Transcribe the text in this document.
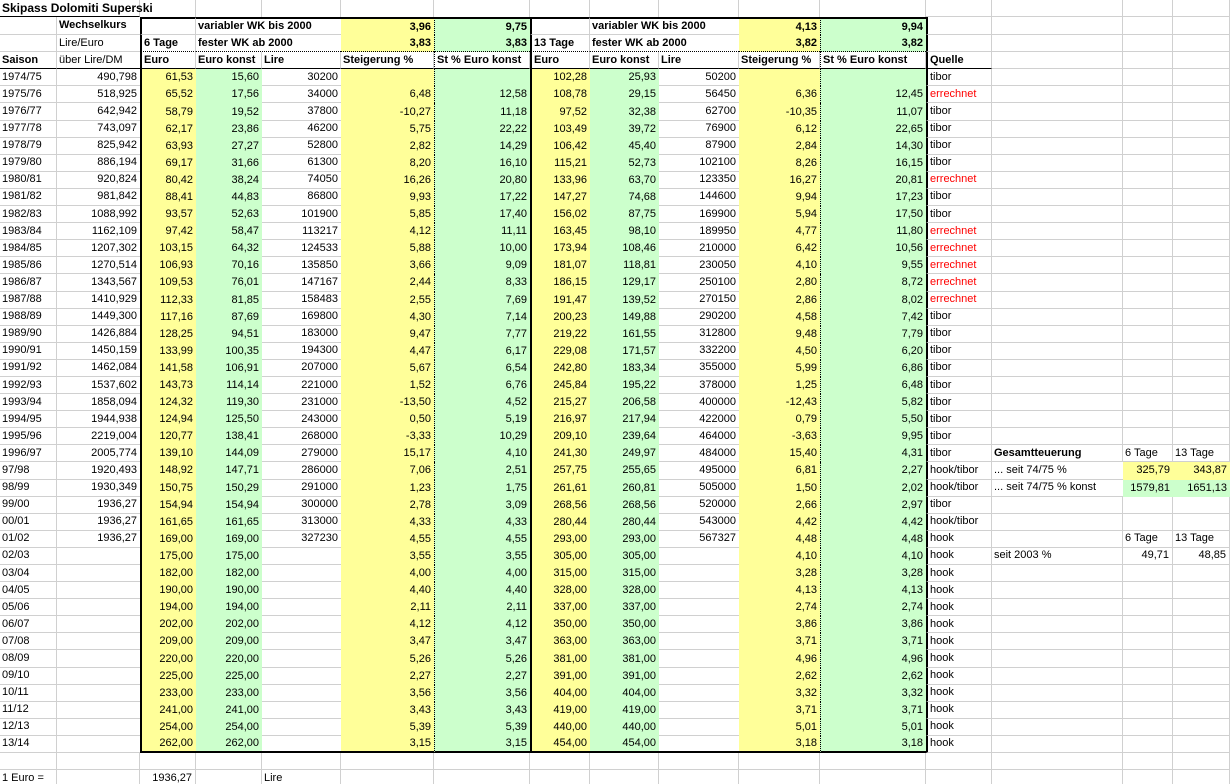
Skipass Dolomiti Superski

	Wechselkurs		variabler WK bis 2000		3,96	9,75		variabler WK bis 2000		4,13	9,94				
	Lire/Euro	6 Tage	fester WK ab 2000		3,83	3,83	13 Tage	fester WK ab 2000		3,82	3,82				
Saison	über Lire/DM	Euro	Euro konst	Lire	Steigerung %	St % Euro konst	Euro	Euro konst	Lire	Steigerung %	St % Euro konst	Quelle			
1974/75	490,798	61,53	15,60	30200			102,28	25,93	50200			tibor			
1975/76	518,925	65,52	17,56	34000	6,48	12,58	108,78	29,15	56450	6,36	12,45	errechnet			
1976/77	642,942	58,79	19,52	37800	-10,27	11,18	97,52	32,38	62700	-10,35	11,07	tibor			
1977/78	743,097	62,17	23,86	46200	5,75	22,22	103,49	39,72	76900	6,12	22,65	tibor			
1978/79	825,942	63,93	27,27	52800	2,82	14,29	106,42	45,40	87900	2,84	14,30	tibor			
1979/80	886,194	69,17	31,66	61300	8,20	16,10	115,21	52,73	102100	8,26	16,15	tibor			
1980/81	920,824	80,42	38,24	74050	16,26	20,80	133,96	63,70	123350	16,27	20,81	errechnet			
1981/82	981,842	88,41	44,83	86800	9,93	17,22	147,27	74,68	144600	9,94	17,23	tibor			
1982/83	1088,992	93,57	52,63	101900	5,85	17,40	156,02	87,75	169900	5,94	17,50	tibor			
1983/84	1162,109	97,42	58,47	113217	4,12	11,11	163,45	98,10	189950	4,77	11,80	errechnet			
1984/85	1207,302	103,15	64,32	124533	5,88	10,00	173,94	108,46	210000	6,42	10,56	errechnet			
1985/86	1270,514	106,93	70,16	135850	3,66	9,09	181,07	118,81	230050	4,10	9,55	errechnet			
1986/87	1343,567	109,53	76,01	147167	2,44	8,33	186,15	129,17	250100	2,80	8,72	errechnet			
1987/88	1410,929	112,33	81,85	158483	2,55	7,69	191,47	139,52	270150	2,86	8,02	errechnet			
1988/89	1449,300	117,16	87,69	169800	4,30	7,14	200,23	149,88	290200	4,58	7,42	tibor			
1989/90	1426,884	128,25	94,51	183000	9,47	7,77	219,22	161,55	312800	9,48	7,79	tibor			
1990/91	1450,159	133,99	100,35	194300	4,47	6,17	229,08	171,57	332200	4,50	6,20	tibor			
1991/92	1462,084	141,58	106,91	207000	5,67	6,54	242,80	183,34	355000	5,99	6,86	tibor			
1992/93	1537,602	143,73	114,14	221000	1,52	6,76	245,84	195,22	378000	1,25	6,48	tibor			
1993/94	1858,094	124,32	119,30	231000	-13,50	4,52	215,27	206,58	400000	-12,43	5,82	tibor			
1994/95	1944,938	124,94	125,50	243000	0,50	5,19	216,97	217,94	422000	0,79	5,50	tibor			
1995/96	2219,004	120,77	138,41	268000	-3,33	10,29	209,10	239,64	464000	-3,63	9,95	tibor			
1996/97	2005,774	139,10	144,09	279000	15,17	4,10	241,30	249,97	484000	15,40	4,31	tibor	Gesamtteuerung	6 Tage	13 Tage
97/98	1920,493	148,92	147,71	286000	7,06	2,51	257,75	255,65	495000	6,81	2,27	hook/tibor	... seit 74/75 %	325,79	343,87
98/99	1930,349	150,75	150,29	291000	1,23	1,75	261,61	260,81	505000	1,50	2,02	hook/tibor	... seit 74/75 % konst	1579,81	1651,13
99/00	1936,27	154,94	154,94	300000	2,78	3,09	268,56	268,56	520000	2,66	2,97	tibor			
00/01	1936,27	161,65	161,65	313000	4,33	4,33	280,44	280,44	543000	4,42	4,42	hook/tibor			
01/02	1936,27	169,00	169,00	327230	4,55	4,55	293,00	293,00	567327	4,48	4,48	hook		6 Tage	13 Tage
02/03		175,00	175,00		3,55	3,55	305,00	305,00		4,10	4,10	hook	seit 2003 %	49,71	48,85
03/04		182,00	182,00		4,00	4,00	315,00	315,00		3,28	3,28	hook			
04/05		190,00	190,00		4,40	4,40	328,00	328,00		4,13	4,13	hook			
05/06		194,00	194,00		2,11	2,11	337,00	337,00		2,74	2,74	hook			
06/07		202,00	202,00		4,12	4,12	350,00	350,00		3,86	3,86	hook			
07/08		209,00	209,00		3,47	3,47	363,00	363,00		3,71	3,71	hook			
08/09		220,00	220,00		5,26	5,26	381,00	381,00		4,96	4,96	hook			
09/10		225,00	225,00		2,27	2,27	391,00	391,00		2,62	2,62	hook			
10/11		233,00	233,00		3,56	3,56	404,00	404,00		3,32	3,32	hook			
11/12		241,00	241,00		3,43	3,43	419,00	419,00		3,71	3,71	hook			
12/13		254,00	254,00		5,39	5,39	440,00	440,00		5,01	5,01	hook			
13/14		262,00	262,00		3,15	3,15	454,00	454,00		3,18	3,18	hook			

1 Euro =		1936,27		Lire											
